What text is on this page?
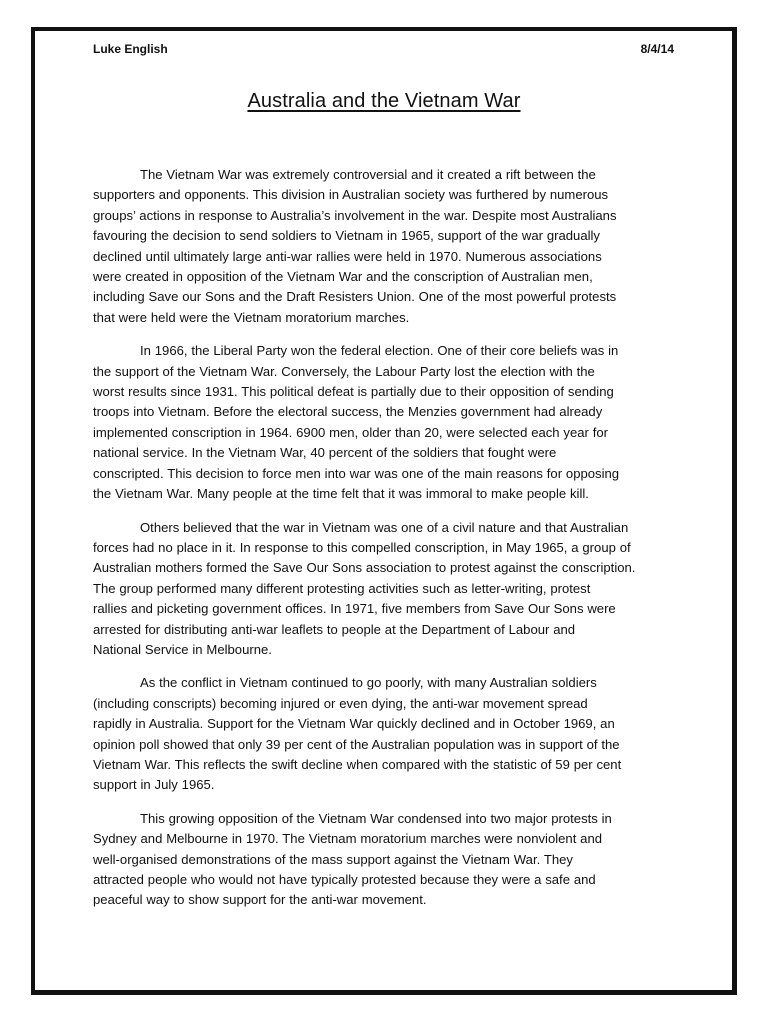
Luke English	8/4/14
Australia and the Vietnam War

The Vietnam War was extremely controversial and it created a rift between the
supporters and opponents. This division in Australian society was furthered by numerous
groups’ actions in response to Australia’s involvement in the war. Despite most Australians
favouring the decision to send soldiers to Vietnam in 1965, support of the war gradually
declined until ultimately large anti-war rallies were held in 1970. Numerous associations
were created in opposition of the Vietnam War and the conscription of Australian men,
including Save our Sons and the Draft Resisters Union. One of the most powerful protests
that were held were the Vietnam moratorium marches.

In 1966, the Liberal Party won the federal election. One of their core beliefs was in
the support of the Vietnam War. Conversely, the Labour Party lost the election with the
worst results since 1931. This political defeat is partially due to their opposition of sending
troops into Vietnam. Before the electoral success, the Menzies government had already
implemented conscription in 1964. 6900 men, older than 20, were selected each year for
national service. In the Vietnam War, 40 percent of the soldiers that fought were
conscripted. This decision to force men into war was one of the main reasons for opposing
the Vietnam War. Many people at the time felt that it was immoral to make people kill.

Others believed that the war in Vietnam was one of a civil nature and that Australian
forces had no place in it. In response to this compelled conscription, in May 1965, a group of
Australian mothers formed the Save Our Sons association to protest against the conscription.
The group performed many different protesting activities such as letter-writing, protest
rallies and picketing government offices. In 1971, five members from Save Our Sons were
arrested for distributing anti-war leaflets to people at the Department of Labour and
National Service in Melbourne.

As the conflict in Vietnam continued to go poorly, with many Australian soldiers
(including conscripts) becoming injured or even dying, the anti-war movement spread
rapidly in Australia. Support for the Vietnam War quickly declined and in October 1969, an
opinion poll showed that only 39 per cent of the Australian population was in support of the
Vietnam War. This reflects the swift decline when compared with the statistic of 59 per cent
support in July 1965.

This growing opposition of the Vietnam War condensed into two major protests in
Sydney and Melbourne in 1970. The Vietnam moratorium marches were nonviolent and
well-organised demonstrations of the mass support against the Vietnam War. They
attracted people who would not have typically protested because they were a safe and
peaceful way to show support for the anti-war movement.
